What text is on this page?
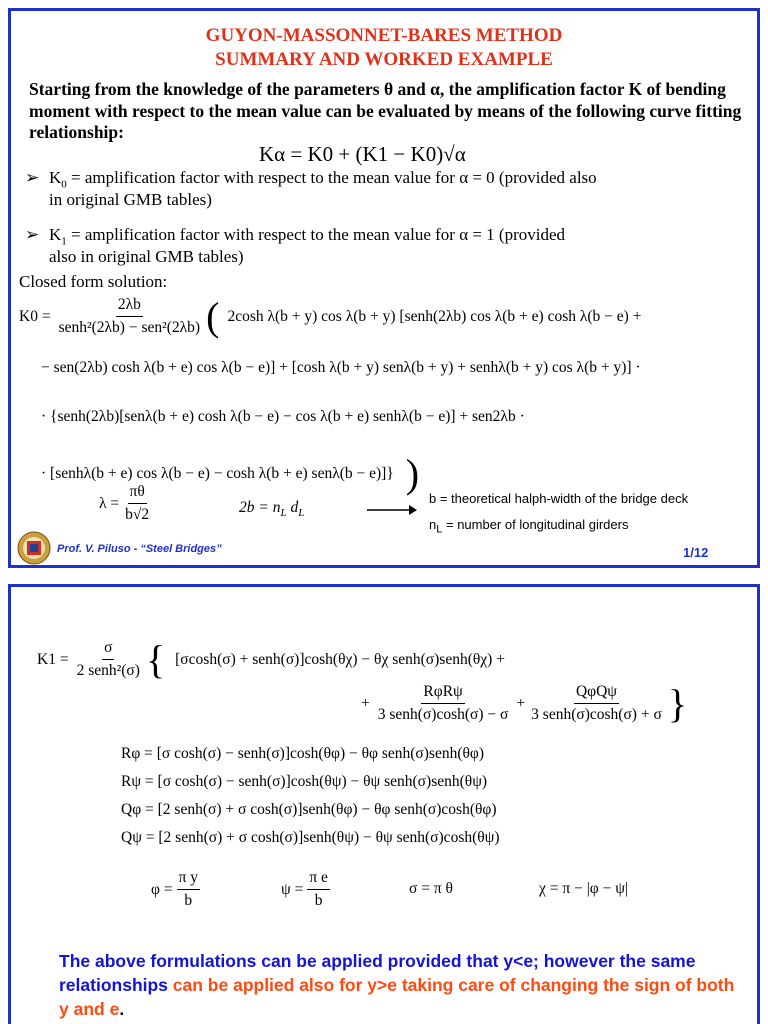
GUYON-MASSONNET-BARES METHOD
SUMMARY AND WORKED EXAMPLE
Starting from the knowledge of the parameters θ and α, the amplification factor K of bending moment with respect to the mean value can be evaluated by means of the following curve fitting relationship:
Kα = K0 + (K1 − K0)√α
➢ $K_0$ = amplification factor with respect to the mean value for α = 0 (provided also
in original GMB tables)
➢ $K_1$ = amplification factor with respect to the mean value for α = 1 (provided
also in original GMB tables)
Closed form solution:
$K0 = \frac{2\lambda b}{\text{senh²(2λb) − sen²(2λb)}}$ ( 2cosh λ(b + y) cos λ(b + y) [senh(2λb) cos λ(b + e) cosh λ(b − e) +
− sen(2λb) cosh λ(b + e) cos λ(b − e)] + [cosh λ(b + y) senλ(b + y) + senhλ(b + y) cos λ(b + y)] ·
· {senh(2λb)[senλ(b + e) cosh λ(b − e) − cos λ(b + e) senhλ(b − e)] + sen2λb ·
· [senhλ(b + e) cos λ(b − e) − cosh λ(b + e) senλ(b − e)]} )
$\lambda = \frac{\pi\theta}{b√2}$	$2b = n_L$ $d_L$
b = theoretical halph-width of the bridge deck
$n_L$ = number of longitudinal girders
Prof. V. Piluso - “Steel Bridges”	1/12
$K1 = \frac{\sigma}{\text{2 senh²(σ)}}$ { [σcosh(σ) + senh(σ)]cosh(θχ) − θχ senh(σ)senh(θχ) +
+ $\frac{\text{RφRψ}}{\text{3 senh(σ)cosh(σ) − σ}} + \frac{\text{QφQψ}}{\text{3 senh(σ)cosh(σ) + σ}}$ }
Rφ = [σ cosh(σ) − senh(σ)]cosh(θφ) − θφ senh(σ)senh(θφ)
Rψ = [σ cosh(σ) − senh(σ)]cosh(θψ) − θψ senh(σ)senh(θψ)
Qφ = [2 senh(σ) + σ cosh(σ)]senh(θφ) − θφ senh(σ)cosh(θφ)
Qψ = [2 senh(σ) + σ cosh(σ)]senh(θψ) − θψ senh(σ)cosh(θψ)
$\varphi = \frac{\text{π y}}{b}$	$\psi = \frac{\text{π e}}{b}$	σ = π θ	χ = π − |φ − ψ|
The above formulations can be applied provided that y<e; however the same relationships can be applied also for y>e taking care of changing the sign of both y and e.
